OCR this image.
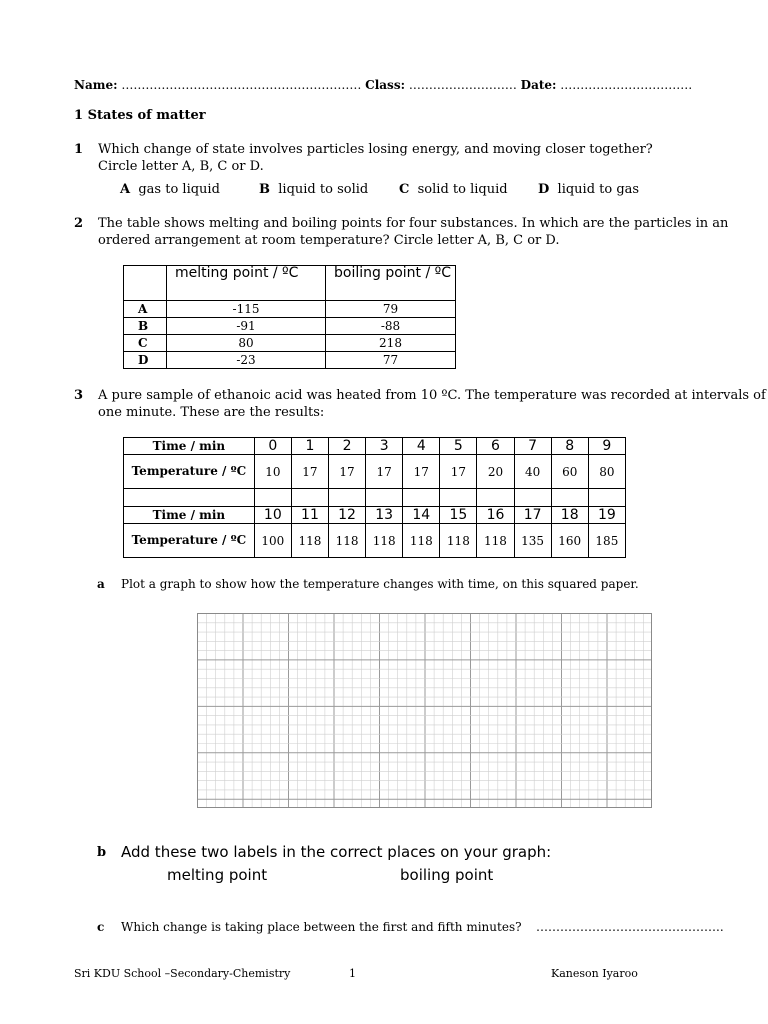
Name:
……………………………………………………
Class:
………………………
Date:
……………………………
1 States of matter
1 Which change of state involves particles losing energy, and moving closer together?
Circle letter A, B, C or D.
A gas to liquid	B liquid to solid C solid to liquid D liquid to gas
2 The table shows melting and boiling points for four substances. In which are the particles in an
ordered arrangement at room temperature? Circle letter A, B, C or D.
	melting point / ºC	boiling point / ºC
A	-115	79
B	-91	-88
C	80	218
D	-23	77
3 A pure sample of ethanoic acid was heated from 10 ºC. The temperature was recorded at intervals of
one minute. These are the results:
Time / min	0	1	2	3	4	5	6	7	8	9
Temperature / ºC	10	17	17	17	17	17	20	40	60	80

Time / min	10	11	12	13	14	15	16	17	18	19
Temperature / ºC	100	118	118	118	118	118	118	135	160	185
a Plot a graph to show how the temperature changes with time, on this squared paper.
b Add these two labels in the correct places on your graph:
melting point	boiling point
c Which change is taking place between the first and fifth minutes? ………………………………………..
Sri KDU School –Secondary-Chemistry	1	Kaneson Iyaroo
